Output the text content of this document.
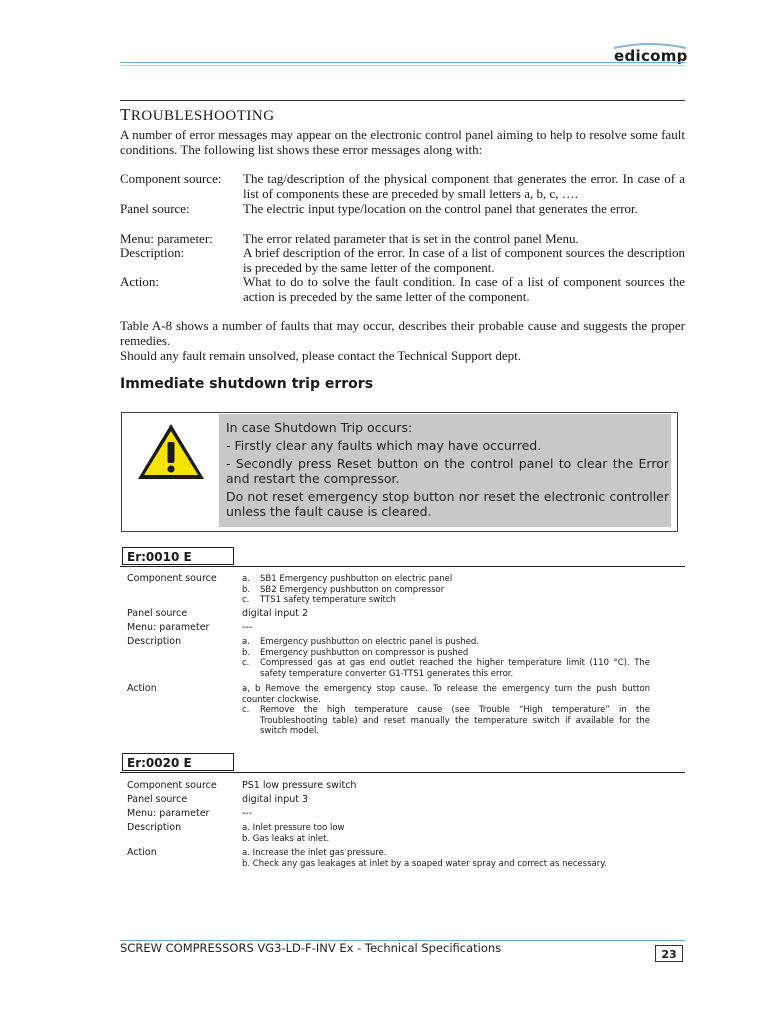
edicomp
TROUBLESHOOTING
A number of error messages may appear on the electronic control panel aiming to help to resolve some fault conditions. The following list shows these error messages along with:
Component source:	The tag/description of the physical component that generates the error. In case of a list of components these are preceded by small letters a, b, c, ….
Panel source:	The electric input type/location on the control panel that generates the error.
Menu: parameter:	The error related parameter that is set in the control panel Menu.
Description:	A brief description of the error. In case of a list of component sources the description is preceded by the same letter of the component.
Action:	What to do to solve the fault condition. In case of a list of component sources the action is preceded by the same letter of the component.
Table A-8 shows a number of faults that may occur, describes their probable cause and suggests the proper remedies.
Should any fault remain unsolved, please contact the Technical Support dept.
Immediate shutdown trip errors
In case Shutdown Trip occurs:
- Firstly clear any faults which may have occurred.
- Secondly press Reset button on the control panel to clear the Error and restart the compressor.
Do not reset emergency stop button nor reset the electronic controller unless the fault cause is cleared.
Er:0010 E
Component source	a.	SB1 Emergency pushbutton on electric panel
b.	SB2 Emergency pushbutton on compressor
c.	TTS1 safety temperature switch
Panel source	digital input 2
Menu: parameter	---
Description	a.	Emergency pushbutton on electric panel is pushed.
b.	Emergency pushbutton on compressor is pushed
c.	Compressed gas at gas end outlet reached the higher temperature limit (110 °C). The safety temperature converter G1-TTS1 generates this error.
Action	a, b Remove the emergency stop cause. To release the emergency turn the push button counter clockwise.
c.	Remove the high temperature cause (see Trouble “High temperature” in the Troubleshooting table) and reset manually the temperature switch if available for the switch model.
Er:0020 E
Component source	PS1 low pressure switch
Panel source	digital input 3
Menu: parameter	---
Description	a. Inlet pressure too low
b. Gas leaks at inlet.
Action	a. Increase the inlet gas pressure.
b. Check any gas leakages at inlet by a soaped water spray and correct as necessary.
SCREW COMPRESSORS VG3-LD-F-INV Ex - Technical Specifications	23
